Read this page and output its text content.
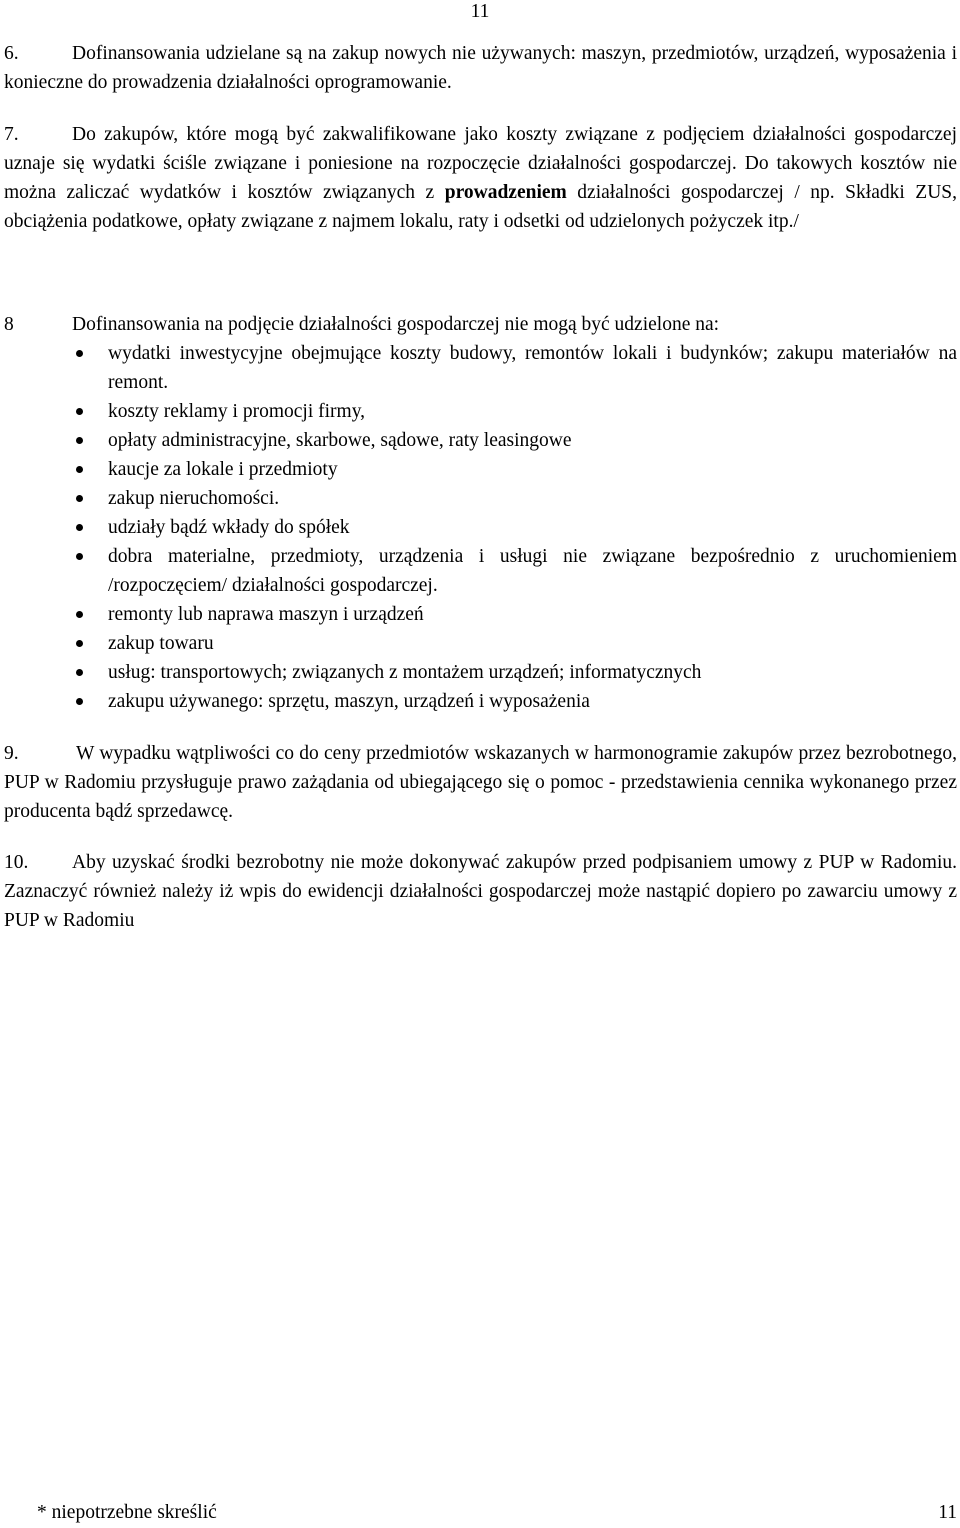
11

6.	Dofinansowania udzielane są na zakup nowych nie używanych: maszyn, przedmiotów, urządzeń, wyposażenia i konieczne do prowadzenia działalności oprogramowanie.

7.	Do zakupów, które mogą być zakwalifikowane jako koszty związane z podjęciem działalności gospodarczej uznaje się wydatki ściśle związane i poniesione na rozpoczęcie działalności gospodarczej. Do takowych kosztów nie można zaliczać wydatków i kosztów związanych z prowadzeniem działalności gospodarczej / np. Składki ZUS, obciążenia podatkowe, opłaty związane z najmem lokalu, raty i odsetki od udzielonych pożyczek itp./

8	Dofinansowania na podjęcie działalności gospodarczej nie mogą być udzielone na:

wydatki inwestycyjne obejmujące koszty budowy, remontów lokali i budynków; zakupu materiałów na remont.
koszty reklamy i promocji firmy,
opłaty administracyjne, skarbowe, sądowe, raty leasingowe
kaucje za lokale i przedmioty
zakup nieruchomości.
udziały bądź wkłady do spółek
dobra materialne, przedmioty, urządzenia i usługi nie związane bezpośrednio z uruchomieniem /rozpoczęciem/ działalności gospodarczej.
remonty lub naprawa maszyn i urządzeń
zakup towaru
usług: transportowych; związanych z montażem urządzeń; informatycznych
zakupu używanego: sprzętu, maszyn, urządzeń i wyposażenia

9.	W wypadku wątpliwości co do ceny przedmiotów wskazanych w harmonogramie zakupów przez bezrobotnego, PUP w Radomiu przysługuje prawo zażądania od ubiegającego się o pomoc - przedstawienia cennika wykonanego przez producenta bądź sprzedawcę.

10. Aby uzyskać środki bezrobotny nie może dokonywać zakupów przed podpisaniem umowy z PUP w Radomiu. Zaznaczyć również należy iż wpis do ewidencji działalności gospodarczej może nastąpić dopiero po zawarciu umowy z PUP w Radomiu

* niepotrzebne skreślić	11
